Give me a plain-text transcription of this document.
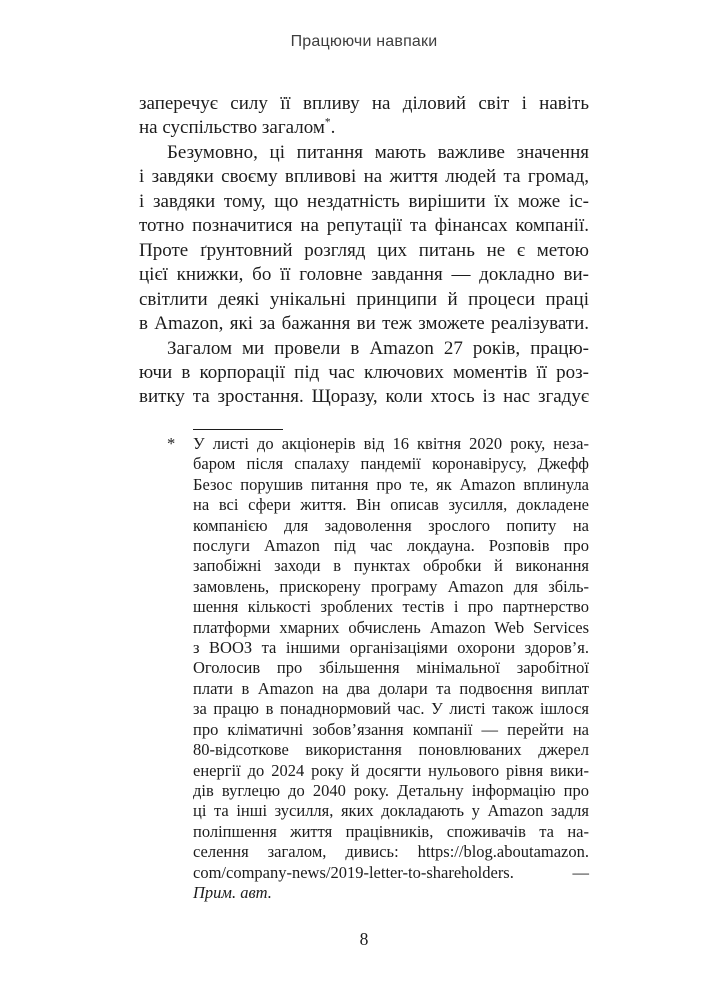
Працюючи навпаки
заперечує силу її впливу на діловий світ і навіть
на суспільство загалом*.
Безумовно, ці питання мають важливе значення
і завдяки своєму впливові на життя людей та громад,
і завдяки тому, що нездатність вирішити їх може іс-
тотно позначитися на репутації та фінансах компанії.
Проте ґрунтовний розгляд цих питань не є метою
цієї книжки, бо її головне завдання — докладно ви-
світлити деякі унікальні принципи й процеси праці
в Amazon, які за бажання ви теж зможете реалізувати.
Загалом ми провели в Amazon 27 років, працю-
ючи в корпорації під час ключових моментів її роз-
витку та зростання. Щоразу, коли хтось із нас згадує
* У листі до акціонерів від 16 квітня 2020 року, неза-
баром після спалаху пандемії коронавірусу, Джефф
Безос порушив питання про те, як Amazon вплинула
на всі сфери життя. Він описав зусилля, докладене
компанією для задоволення зрослого попиту на
послуги Amazon під час локдауна. Розповів про
запобіжні заходи в пунктах обробки й виконання
замовлень, прискорену програму Amazon для збіль-
шення кількості зроблених тестів і про партнерство
платформи хмарних обчислень Amazon Web Services
з ВООЗ та іншими організаціями охорони здоров’я.
Оголосив про збільшення мінімальної заробітної
плати в Amazon на два долари та подвоєння виплат
за працю в понаднормовий час. У листі також ішлося
про кліматичні зобов’язання компанії — перейти на
80-відсоткове використання поновлюваних джерел
енергії до 2024 року й досягти нульового рівня вики-
дів вуглецю до 2040 року. Детальну інформацію про
ці та інші зусилля, яких докладають у Amazon задля
поліпшення життя працівників, споживачів та на-
селення загалом, дивись: https://blog.aboutamazon.
com/company-news/2019-letter-to-shareholders. —
Прим. авт.
8
